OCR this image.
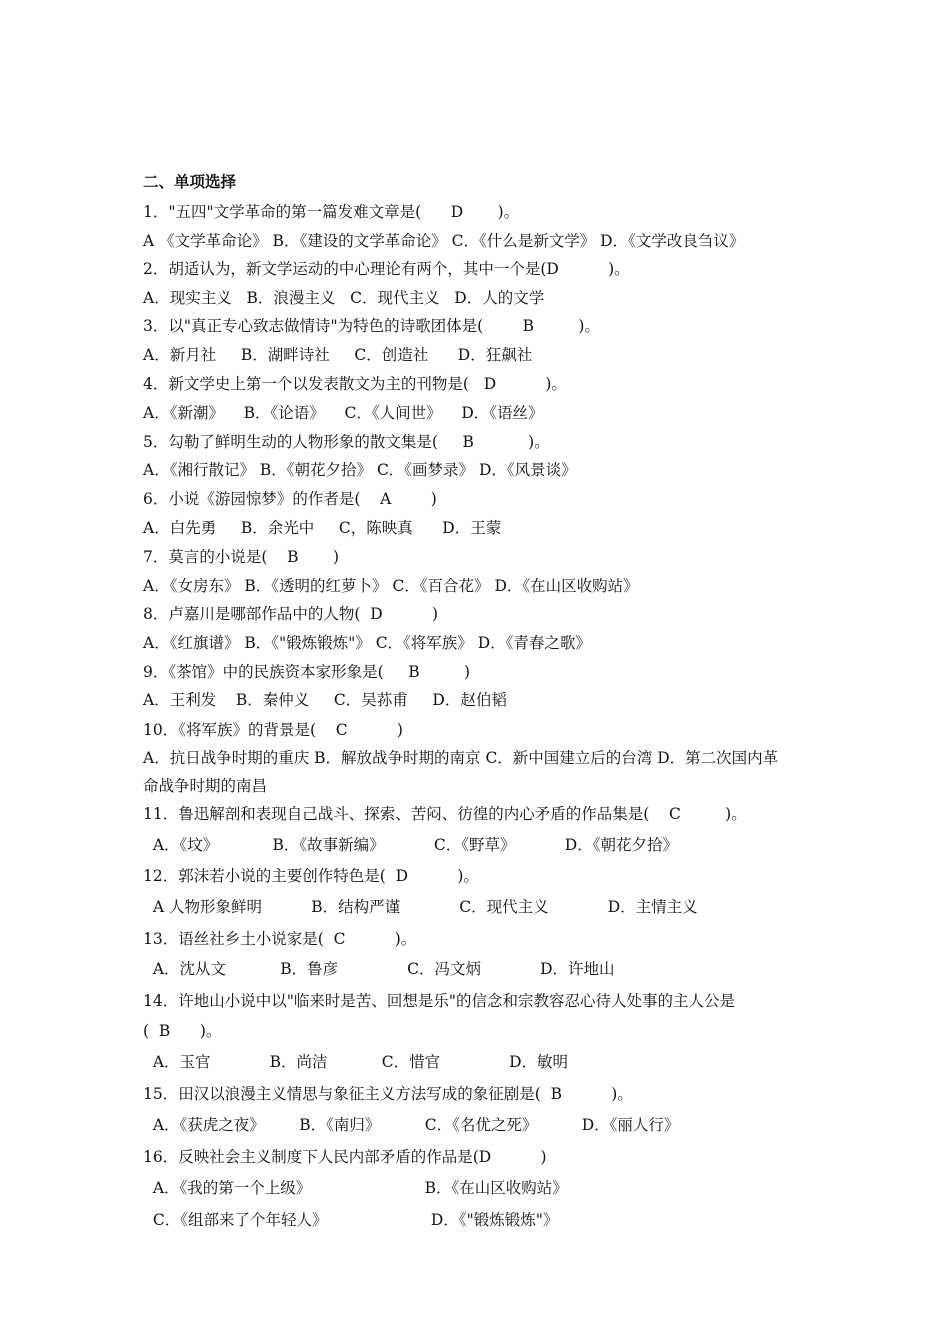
二、单项选择
1．"五四"文学革命的第一篇发难文章是(      D       )。
A 《文学革命论》 B．《建设的文学革命论》 C．《什么是新文学》 D．《文学改良刍议》
2．胡适认为，新文学运动的中心理论有两个，其中一个是(D          )。
A．现实主义   B．浪漫主义   C．现代主义   D．人的文学
3．以"真正专心致志做情诗"为特色的诗歌团体是(        B         )。
A．新月社     B．湖畔诗社     C．创造社      D．狂飙社
4．新文学史上第一个以发表散文为主的刊物是(   D          )。
A．《新潮》    B．《论语》    C．《人间世》    D．《语丝》
5．勾勒了鲜明生动的人物形象的散文集是(     B           )。
A．《湘行散记》 B．《朝花夕拾》 C．《画梦录》 D．《风景谈》
6．小说《游园惊梦》的作者是(    A        )
A．白先勇     B．余光中     C，陈映真      D．王蒙
7．莫言的小说是(    B       )
A．《女房东》 B．《透明的红萝卜》 C．《百合花》 D．《在山区收购站》
8．卢嘉川是哪部作品中的人物(  D          )
A．《红旗谱》 B．《"锻炼锻炼"》 C．《将军族》 D．《青春之歌》
9．《茶馆》中的民族资本家形象是(     B         )
A．王利发    B．秦仲义     C．吴荪甫     D．赵伯韬
10．《将军族》的背景是(    C          )
A．抗日战争时期的重庆 B．解放战争时期的南京 C．新中国建立后的台湾 D．第二次国内革
命战争时期的南昌
11．鲁迅解剖和表现自己战斗、探索、苦闷、彷徨的内心矛盾的作品集是(    C         )。
A．《坟》           B．《故事新编》          C．《野草》          D．《朝花夕拾》
12．郭沫若小说的主要创作特色是(  D          )。
A 人物形象鲜明          B．结构严谨            C．现代主义            D．主情主义
13．语丝社乡土小说家是(  C          )。
A．沈从文           B．鲁彦              C．冯文炳            D．许地山
14．许地山小说中以"临来时是苦、回想是乐"的信念和宗教容忍心待人处事的主人公是
(  B      )。
A．玉官            B．尚洁           C．惜官              D．敏明
15．田汉以浪漫主义情思与象征主义方法写成的象征剧是(  B          )。
A．《获虎之夜》       B．《南归》         C．《名优之死》         D．《丽人行》
16．反映社会主义制度下人民内部矛盾的作品是(D          )
A．《我的第一个上级》                       B．《在山区收购站》
C．《组部来了个年轻人》                     D．《"锻炼锻炼"》
